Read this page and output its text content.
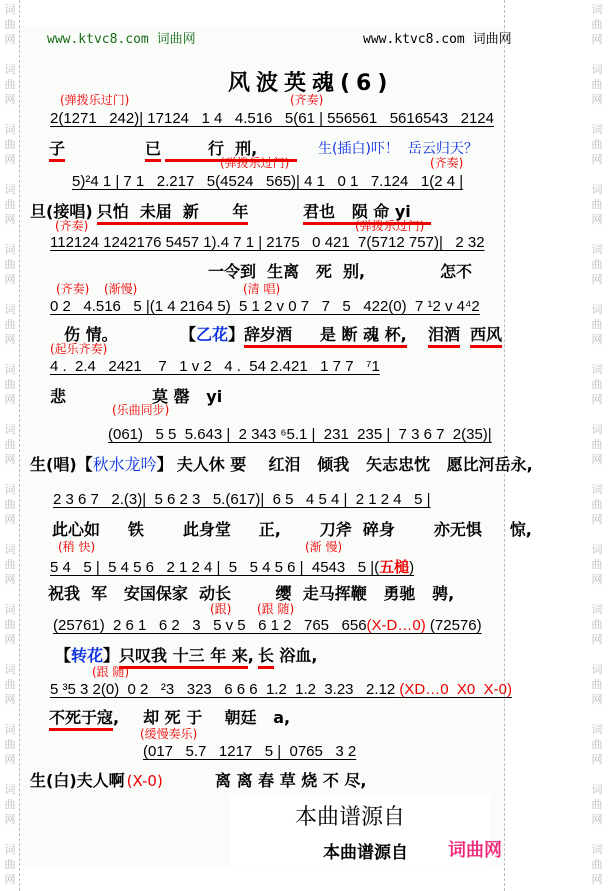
词
曲
网
词
曲
网
词
曲
网
词
曲
网
词
曲
网
词
曲
网
词
曲
网
词
曲
网
词
曲
网
词
曲
网
词
曲
网
词
曲
网
词
曲
网
词
曲
网
词
曲
网
词
曲
网
词
曲
网
词
曲
网
词
曲
网
词
曲
网
词
曲
网
词
曲
网
词
曲
网
词
曲
网
词
曲
网
词
曲
网
词
曲
网
词
曲
网
词
曲
网
词
曲
网
www.ktvc8.com 词曲网	www.ktvc8.com 词曲网
风波英魂(6)
(弹拨乐过门)	(齐奏)
2(1271   242)| 17124   1 4   4.516   5(61 | 556561   5616543   2124
子	已	行  刑,	生(插白)吓！  岳云归天？
(弹拨乐过门)	(齐奏)
5)²4 1 | 7 1   2.217   5(4524   565)| 4 1   0 1   7.124   1(2 4 |
旦(接唱) 只怕  未届  新      年	君也   陨 命 yi
(齐奏)	(弹拨乐过门)
112124 1242176 5457 1).4 7 1 | 2175   0 421  7(5712 757)|   2 32
一令到  生离   死  别,	怎不
(齐奏) (渐慢)	(清 唱)
0 2   4.516   5 |(1 4 2164 5)  5 1 2 v 0 7   7   5   422(0)  7 ¹2 v 4⁴2
伤 情。	【乙花】 辞岁酒     是 断 魂 杯, 泪酒 西风
(起乐齐奏)
4 .  2.4   2421    7   1 v 2   4 .  54 2.421   1 7 7   ⁷1
悲	莫 罄   yi
(乐曲同步)
(061)   5 5  5.643 |  2 343 ⁶5.1 |  231  235 |  7 3 6 7  2(35)|
生(唱) 【秋水龙吟】 夫人休 要    红泪   倾我   矢志忠忱   愿比河岳永,
2 3 6 7   2.(3)|  5 6 2 3   5.(617)|  6 5   4 5 4 |  2 1 2 4   5 |
此心如     铁       此身堂     正,       刀斧  碎身       亦无惧     惊,
(稍 快)	(渐 慢)
5 4   5 |  5 4 5 6   2 1 2 4 |  5   5 4 5 6 |  4543   5 |(五槌)
祝我  军   安国保家  动长        缨  走马挥鞭   勇驰   骋,
(跟) (跟 随)
(25761)  2 6 1   6 2   3   5 v 5   6 1 2   765   656(X-D…0) (72576)
【转花】 只叹我 十三 年 来 , 长 浴血,
(跟 随)
5 ³5 3 2(0)  0 2   ²3   323   6 6 6  1.2  1.2  3.23   2.12 (XD…0  X0  X-0)
不死于寇 , 却 死 于    朝廷   a,
(缓慢奏乐)
(017   5.7   1217   5 |  0765   3 2
生(白)夫人啊 (X-0)	离 离 春 草 烧 不 尽,
本曲谱源自
本曲谱源自 词曲网
